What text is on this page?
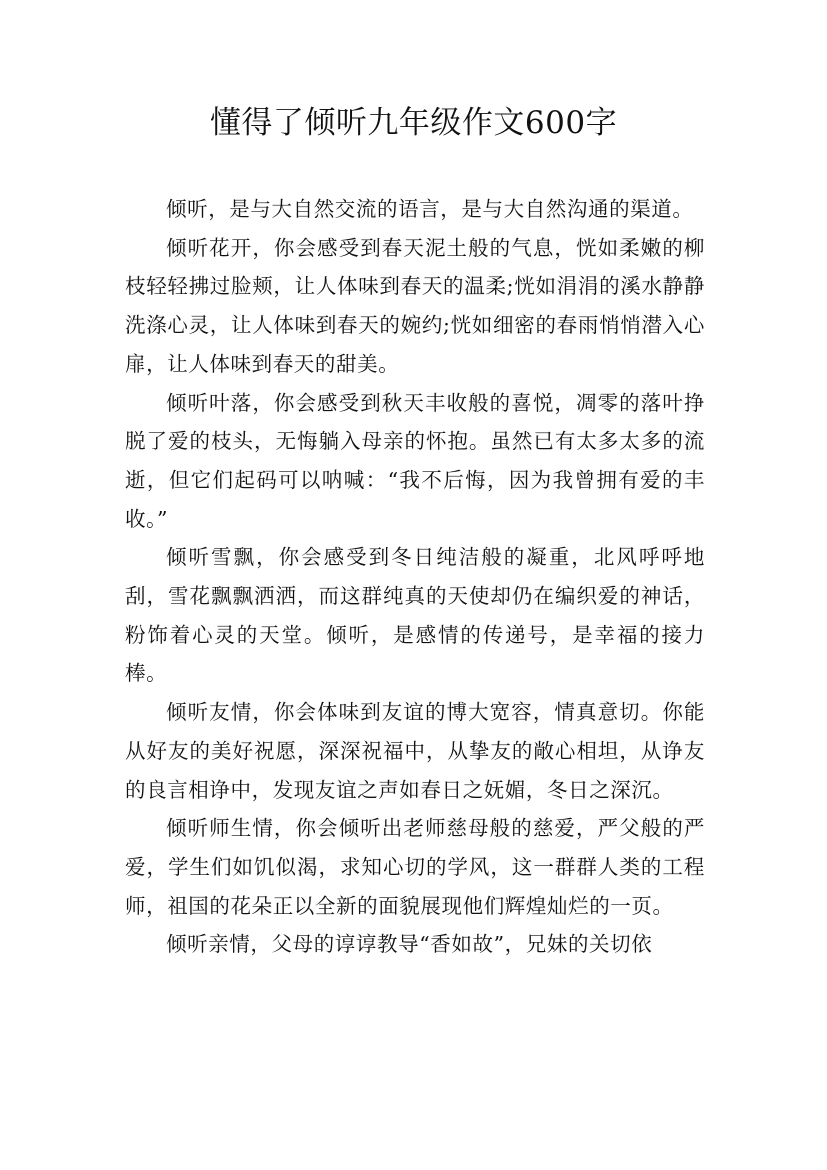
懂得了倾听九年级作文600字

倾听，是与大自然交流的语言，是与大自然沟通的渠道。

倾听花开，你会感受到春天泥土般的气息，恍如柔嫩的柳枝轻轻拂过脸颊，让人体味到春天的温柔;恍如涓涓的溪水静静洗涤心灵，让人体味到春天的婉约;恍如细密的春雨悄悄潜入心扉，让人体味到春天的甜美。

倾听叶落，你会感受到秋天丰收般的喜悦，凋零的落叶挣脱了爱的枝头，无悔躺入母亲的怀抱。虽然已有太多太多的流逝，但它们起码可以呐喊：“我不后悔，因为我曾拥有爱的丰收。”

倾听雪飘，你会感受到冬日纯洁般的凝重，北风呼呼地刮，雪花飘飘洒洒，而这群纯真的天使却仍在编织爱的神话，粉饰着心灵的天堂。倾听，是感情的传递号，是幸福的接力棒。

倾听友情，你会体味到友谊的博大宽容，情真意切。你能从好友的美好祝愿，深深祝福中，从挚友的敞心相坦，从诤友的良言相诤中，发现友谊之声如春日之妩媚，冬日之深沉。

倾听师生情，你会倾听出老师慈母般的慈爱，严父般的严爱，学生们如饥似渴，求知心切的学风，这一群群人类的工程师，祖国的花朵正以全新的面貌展现他们辉煌灿烂的一页。

倾听亲情，父母的谆谆教导“香如故”，兄妹的关切依
